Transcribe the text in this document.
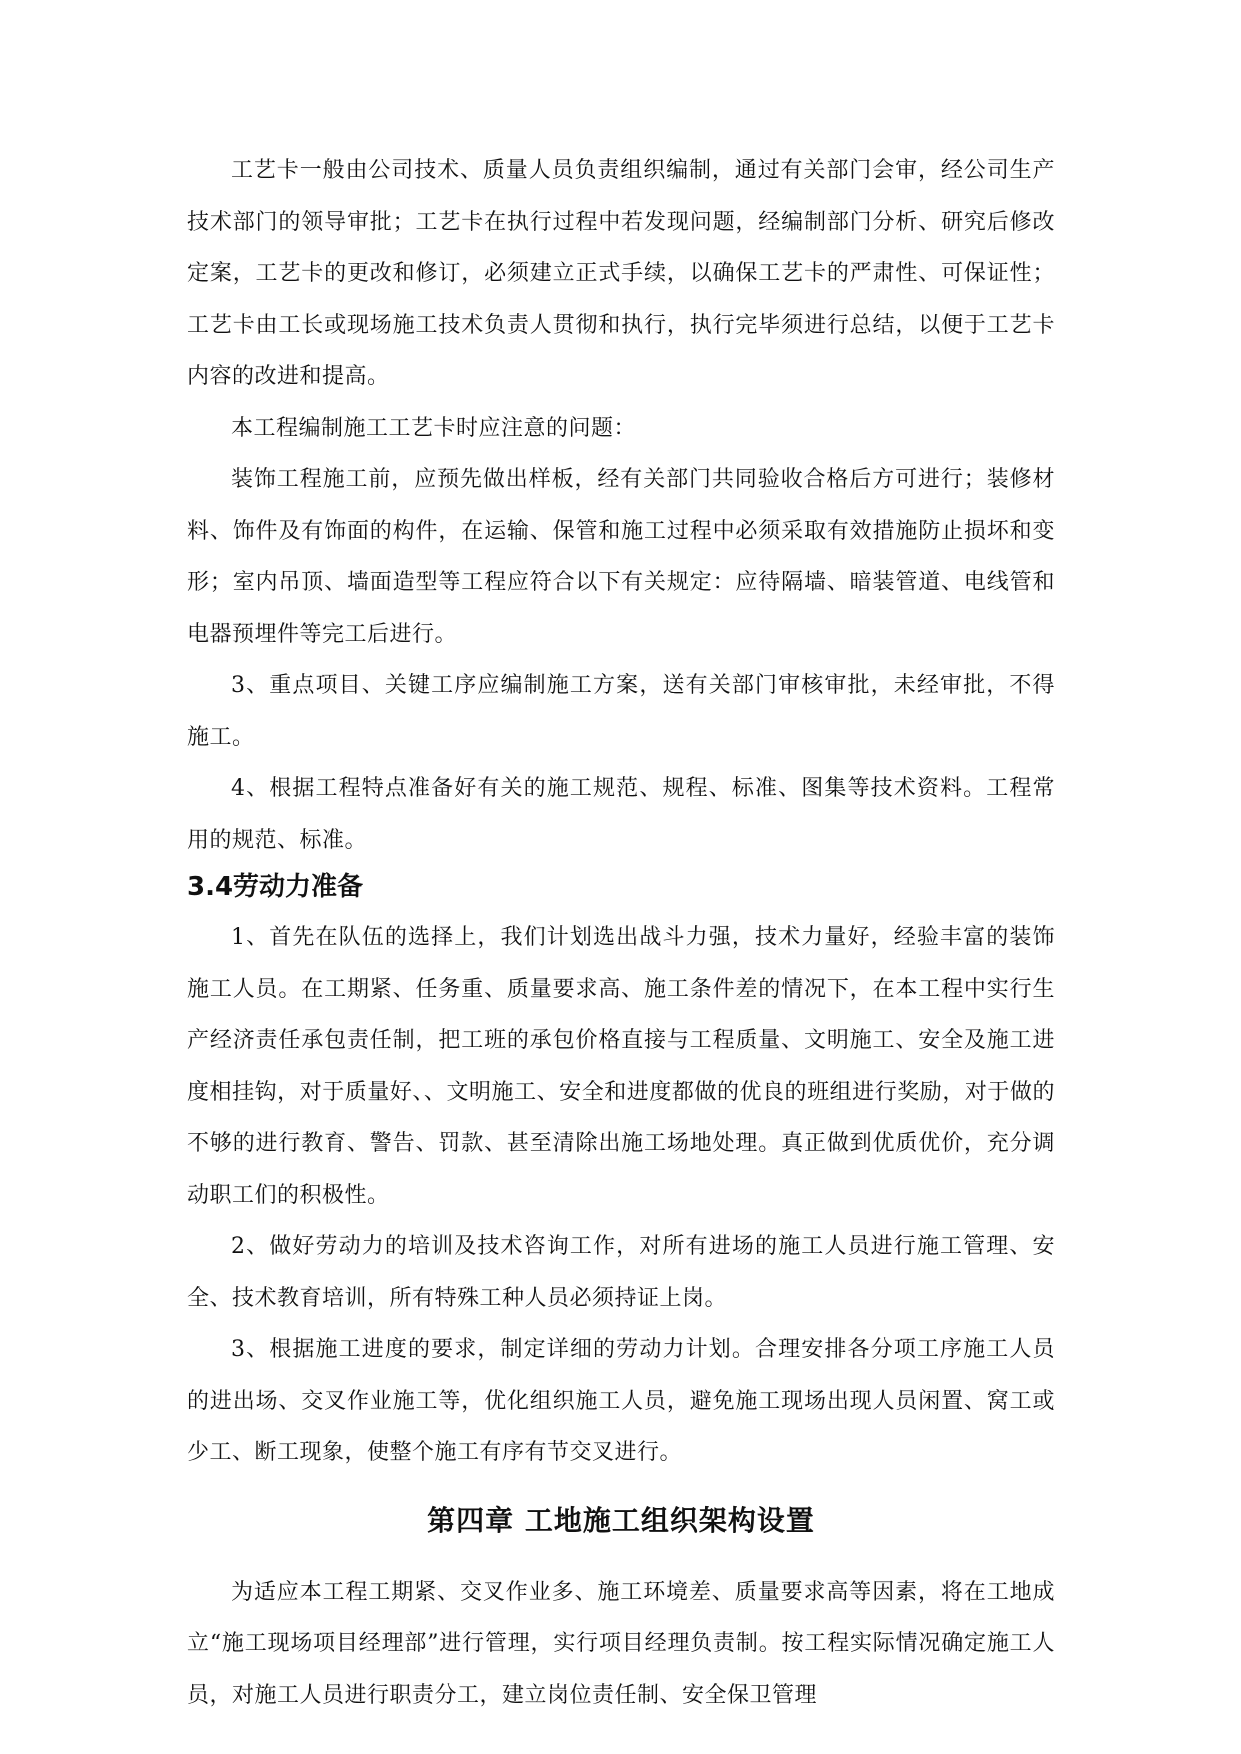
工艺卡一般由公司技术、质量人员负责组织编制，通过有关部门会审，经公司生产技术部门的领导审批；工艺卡在执行过程中若发现问题，经编制部门分析、研究后修改定案，工艺卡的更改和修订，必须建立正式手续，以确保工艺卡的严肃性、可保证性；工艺卡由工长或现场施工技术负责人贯彻和执行，执行完毕须进行总结，以便于工艺卡内容的改进和提高。

本工程编制施工工艺卡时应注意的问题：

装饰工程施工前，应预先做出样板，经有关部门共同验收合格后方可进行；装修材料、饰件及有饰面的构件，在运输、保管和施工过程中必须采取有效措施防止损坏和变形；室内吊顶、墙面造型等工程应符合以下有关规定：应待隔墙、暗装管道、电线管和电器预埋件等完工后进行。

3、重点项目、关键工序应编制施工方案，送有关部门审核审批，未经审批，不得施工。

4、根据工程特点准备好有关的施工规范、规程、标准、图集等技术资料。工程常用的规范、标准。

3.4劳动力准备

1、首先在队伍的选择上，我们计划选出战斗力强，技术力量好，经验丰富的装饰施工人员。在工期紧、任务重、质量要求高、施工条件差的情况下，在本工程中实行生产经济责任承包责任制，把工班的承包价格直接与工程质量、文明施工、安全及施工进度相挂钩，对于质量好、、文明施工、安全和进度都做的优良的班组进行奖励，对于做的不够的进行教育、警告、罚款、甚至清除出施工场地处理。真正做到优质优价，充分调动职工们的积极性。

2、做好劳动力的培训及技术咨询工作，对所有进场的施工人员进行施工管理、安全、技术教育培训，所有特殊工种人员必须持证上岗。

3、根据施工进度的要求，制定详细的劳动力计划。合理安排各分项工序施工人员的进出场、交叉作业施工等，优化组织施工人员，避免施工现场出现人员闲置、窝工或少工、断工现象，使整个施工有序有节交叉进行。

第四章 工地施工组织架构设置

为适应本工程工期紧、交叉作业多、施工环境差、质量要求高等因素，将在工地成立“施工现场项目经理部”进行管理，实行项目经理负责制。按工程实际情况确定施工人员，对施工人员进行职责分工，建立岗位责任制、安全保卫管理
